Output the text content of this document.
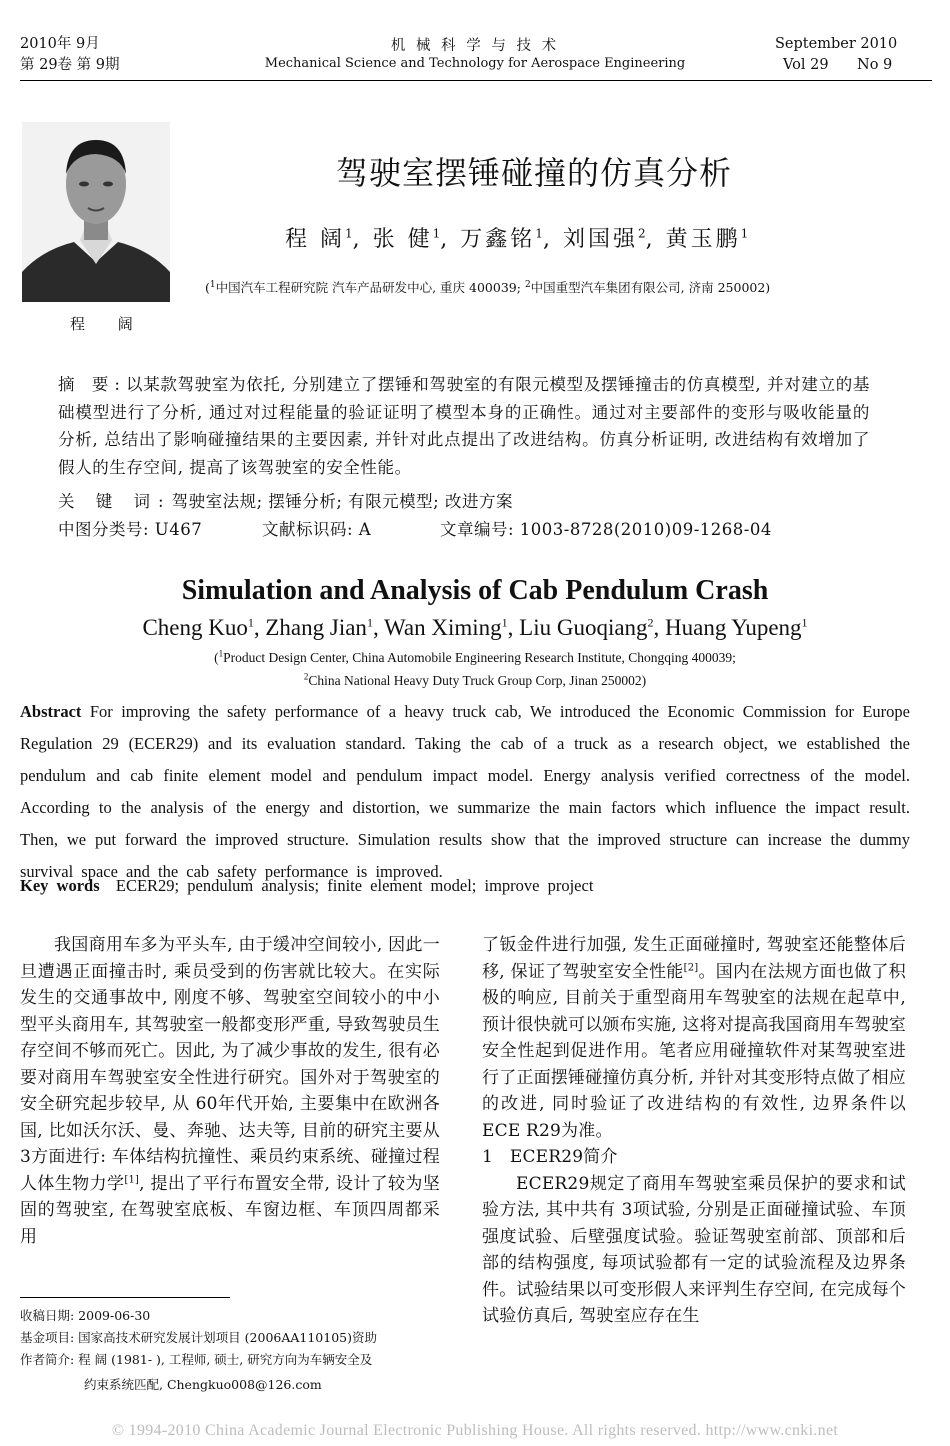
2010年 9月
第 29卷 第 9期
机 械 科 学 与 技 术
Mechanical Science and Technology for Aerospace Engineering
September 2010
Vol 29 No 9
程 阔
驾驶室摆锤碰撞的仿真分析
程 阔$^1$, 张 健$^1$, 万鑫铭$^1$, 刘国强$^2$, 黄玉鹏$^1$
($^1$中国汽车工程研究院 汽车产品研发中心, 重庆 400039; $^2$中国重型汽车集团有限公司, 济南 250002)
摘 要:以某款驾驶室为依托, 分别建立了摆锤和驾驶室的有限元模型及摆锤撞击的仿真模型, 并对建立的基础模型进行了分析, 通过对过程能量的验证证明了模型本身的正确性。通过对主要部件的变形与吸收能量的分析, 总结出了影响碰撞结果的主要因素, 并针对此点提出了改进结构。仿真分析证明, 改进结构有效增加了假人的生存空间, 提高了该驾驶室的安全性能。
关 键 词:驾驶室法规; 摆锤分析; 有限元模型; 改进方案
中图分类号: U467	文献标识码: A	文章编号: 1003-8728(2010)09-1268-04
Simulation and Analysis of Cab Pendulum Crash
Cheng Kuo$^1$, Zhang Jian$^1$, Wan Ximing$^1$, Liu Guoqiang$^2$, Huang Yupeng$^1$
($^1$Product Design Center, China Automobile Engineering Research Institute, Chongqing 400039;
$^2$China National Heavy Duty Truck Group Corp, Jinan 250002)
Abstract For improving the safety performance of a heavy truck cab, We introduced the Economic Commission for Europe Regulation 29 (ECER29) and its evaluation standard. Taking the cab of a truck as a research object, we established the pendulum and cab finite element model and pendulum impact model. Energy analysis verified correctness of the model. According to the analysis of the energy and distortion, we summarize the main factors which influence the impact result. Then, we put forward the improved structure. Simulation results show that the improved structure can increase the dummy survival space and the cab safety performance is improved.
Key words ECER29; pendulum analysis; finite element model; improve project

我国商用车多为平头车, 由于缓冲空间较小, 因此一旦遭遇正面撞击时, 乘员受到的伤害就比较大。在实际发生的交通事故中, 刚度不够、驾驶室空间较小的中小型平头商用车, 其驾驶室一般都变形严重, 导致驾驶员生存空间不够而死亡。因此, 为了减少事故的发生, 很有必要对商用车驾驶室安全性进行研究。国外对于驾驶室的安全研究起步较早, 从 60年代开始, 主要集中在欧洲各国, 比如沃尔沃、曼、奔驰、达夫等, 目前的研究主要从 3方面进行: 车体结构抗撞性、乘员约束系统、碰撞过程人体生物力学[1], 提出了平行布置安全带, 设计了较为坚固的驾驶室, 在驾驶室底板、车窗边框、车顶四周都采用

了钣金件进行加强, 发生正面碰撞时, 驾驶室还能整体后移, 保证了驾驶室安全性能[2]。国内在法规方面也做了积极的响应, 目前关于重型商用车驾驶室的法规在起草中, 预计很快就可以颁布实施, 这将对提高我国商用车驾驶室安全性起到促进作用。笔者应用碰撞软件对某驾驶室进行了正面摆锤碰撞仿真分析, 并针对其变形特点做了相应的改进, 同时验证了改进结构的有效性, 边界条件以 ECE R29为准。

1 ECER29简介

ECER29规定了商用车驾驶室乘员保护的要求和试验方法, 其中共有 3项试验, 分别是正面碰撞试验、车顶强度试验、后壁强度试验。验证驾驶室前部、顶部和后部的结构强度, 每项试验都有一定的试验流程及边界条件。试验结果以可变形假人来评判生存空间, 在完成每个试验仿真后, 驾驶室应存在生

收稿日期: 2009-06-30
基金项目: 国家高技术研究发展计划项目 (2006AA110105)资助
作者简介: 程 阔 (1981- ), 工程师, 硕士, 研究方向为车辆安全及
约束系统匹配, Chengkuo008@126.com
© 1994-2010 China Academic Journal Electronic Publishing House. All rights reserved. http://www.cnki.net
